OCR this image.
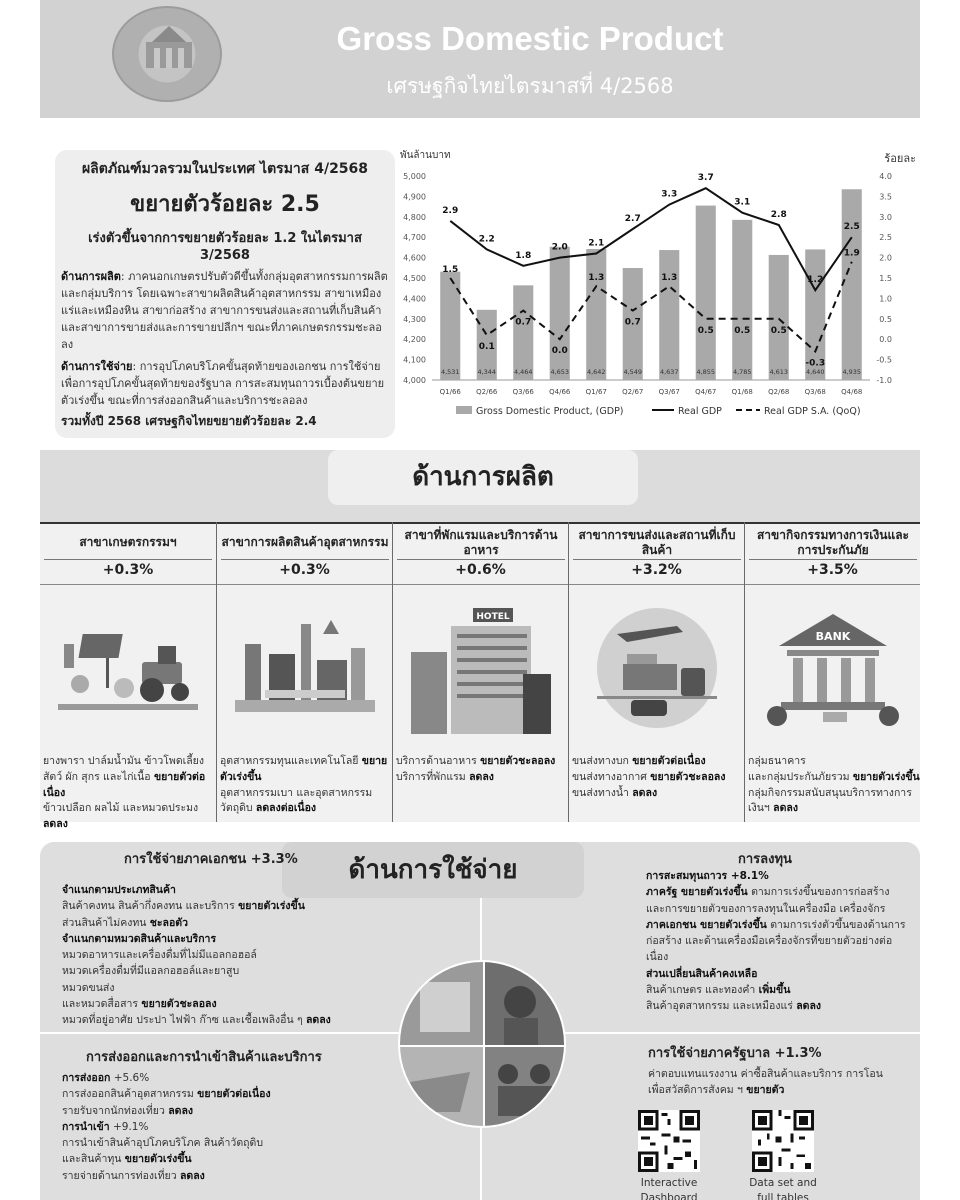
Gross Domestic Product
เศรษฐกิจไทยไตรมาสที่ 4/2568
ผลิตภัณฑ์มวลรวมในประเทศ ไตรมาส 4/2568
ขยายตัวร้อยละ 2.5
เร่งตัวขึ้นจากการขยายตัวร้อยละ 1.2 ในไตรมาส 3/2568
ด้านการผลิต: ภาคนอกเกษตรปรับตัวดีขึ้นทั้งกลุ่มอุตสาหกรรมการผลิตและกลุ่มบริการ โดยเฉพาะสาขาผลิตสินค้าอุตสาหกรรม สาขาเหมืองแร่และเหมืองหิน สาขาก่อสร้าง สาขาการขนส่งและสถานที่เก็บสินค้า และสาขาการขายส่งและการขายปลีกฯ ขณะที่ภาคเกษตรกรรมชะลอลง
ด้านการใช้จ่าย: การอุปโภคบริโภคขั้นสุดท้ายของเอกชน การใช้จ่ายเพื่อการอุปโภคขั้นสุดท้ายของรัฐบาล การสะสมทุนถาวรเบื้องต้นขยายตัวเร่งขึ้น ขณะที่การส่งออกสินค้าและบริการชะลอลง
รวมทั้งปี 2568 เศรษฐกิจไทยขยายตัวร้อยละ 2.4
พันล้านบาท	ร้อยละ
5,000
4,900
4,800
4,700
4,600
4,500
4,400
4,300
4,200
4,100
4,000
4.0
3.5
3.0
2.5
2.0
1.5
1.0
0.5
0.0
-0.5
-1.0
4,531	4,344	4,464	4,653	4,642	4,549	4,637	4,855	4,785	4,613	4,640	4,935
Q1/66 Q2/66 Q3/66 Q4/66 Q1/67 Q2/67 Q3/67 Q4/67 Q1/68 Q2/68 Q3/68 Q4/68
2.9
2.2
1.8
2.0 2.1
2.7
3.3
3.7
3.1
2.8
1.2
2.5
1.5
0.1
0.7
0.0
1.3
0.7
1.3
0.5 0.5 0.5
-0.3
1.9
Gross Domestic Product, (GDP)	Real GDP	Real GDP S.A. (QoQ)
ด้านการผลิต
สาขาเกษตรกรรมฯ
+0.3%
ยางพารา ปาล์มน้ำมัน ข้าวโพดเลี้ยงสัตว์ ผัก สุกร และไก่เนื้อ ขยายตัวต่อเนื่อง
ข้าวเปลือก ผลไม้ และหมวดประมง ลดลง
สาขาการผลิตสินค้าอุตสาหกรรม
+0.3%
อุตสาหกรรมทุนและเทคโนโลยี ขยายตัวเร่งขึ้น
อุตสาหกรรมเบา และอุตสาหกรรมวัตถุดิบ ลดลงต่อเนื่อง
สาขาที่พักแรมและบริการด้านอาหาร
+0.6%
HOTEL
บริการด้านอาหาร ขยายตัวชะลอลง
บริการที่พักแรม ลดลง
สาขาการขนส่งและสถานที่เก็บสินค้า
+3.2%
ขนส่งทางบก ขยายตัวต่อเนื่อง
ขนส่งทางอากาศ ขยายตัวชะลอลง
ขนส่งทางน้ำ ลดลง
สาขากิจกรรมทางการเงินและการประกันภัย
+3.5%
BANK
กลุ่มธนาคาร
และกลุ่มประกันภัยรวม ขยายตัวเร่งขึ้น
กลุ่มกิจกรรมสนับสนุนบริการทางการเงินฯ ลดลง
ด้านการใช้จ่าย
การใช้จ่ายภาคเอกชน +3.3%
จำแนกตามประเภทสินค้า
สินค้าคงทน สินค้ากึ่งคงทน และบริการ ขยายตัวเร่งขึ้น
ส่วนสินค้าไม่คงทน ชะลอตัว
จำแนกตามหมวดสินค้าและบริการ
หมวดอาหารและเครื่องดื่มที่ไม่มีแอลกอฮอล์
หมวดเครื่องดื่มที่มีแอลกอฮอล์และยาสูบ
หมวดขนส่ง
และหมวดสื่อสาร ขยายตัวชะลอลง
หมวดที่อยู่อาศัย ประปา ไฟฟ้า ก๊าซ และเชื้อเพลิงอื่น ๆ ลดลง
การลงทุน
การสะสมทุนถาวร +8.1%
ภาครัฐ ขยายตัวเร่งขึ้น ตามการเร่งขึ้นของการก่อสร้างและการขยายตัวของการลงทุนในเครื่องมือ เครื่องจักร
ภาคเอกชน ขยายตัวเร่งขึ้น ตามการเร่งตัวขึ้นของด้านการก่อสร้าง และด้านเครื่องมือเครื่องจักรที่ขยายตัวอย่างต่อเนื่อง
ส่วนเปลี่ยนสินค้าคงเหลือ
สินค้าเกษตร และทองคำ เพิ่มขึ้น
สินค้าอุตสาหกรรม และเหมืองแร่ ลดลง
การส่งออกและการนำเข้าสินค้าและบริการ
การส่งออก +5.6%
การส่งออกสินค้าอุตสาหกรรม ขยายตัวต่อเนื่อง
รายรับจากนักท่องเที่ยว ลดลง
การนำเข้า +9.1%
การนำเข้าสินค้าอุปโภคบริโภค สินค้าวัตถุดิบ
และสินค้าทุน ขยายตัวเร่งขึ้น
รายจ่ายด้านการท่องเที่ยว ลดลง
การใช้จ่ายภาครัฐบาล +1.3%
ค่าตอบแทนแรงงาน ค่าซื้อสินค้าและบริการ การโอนเพื่อสวัสดิการสังคม ฯ ขยายตัว
Interactive Dashboard
Data set and full tables
